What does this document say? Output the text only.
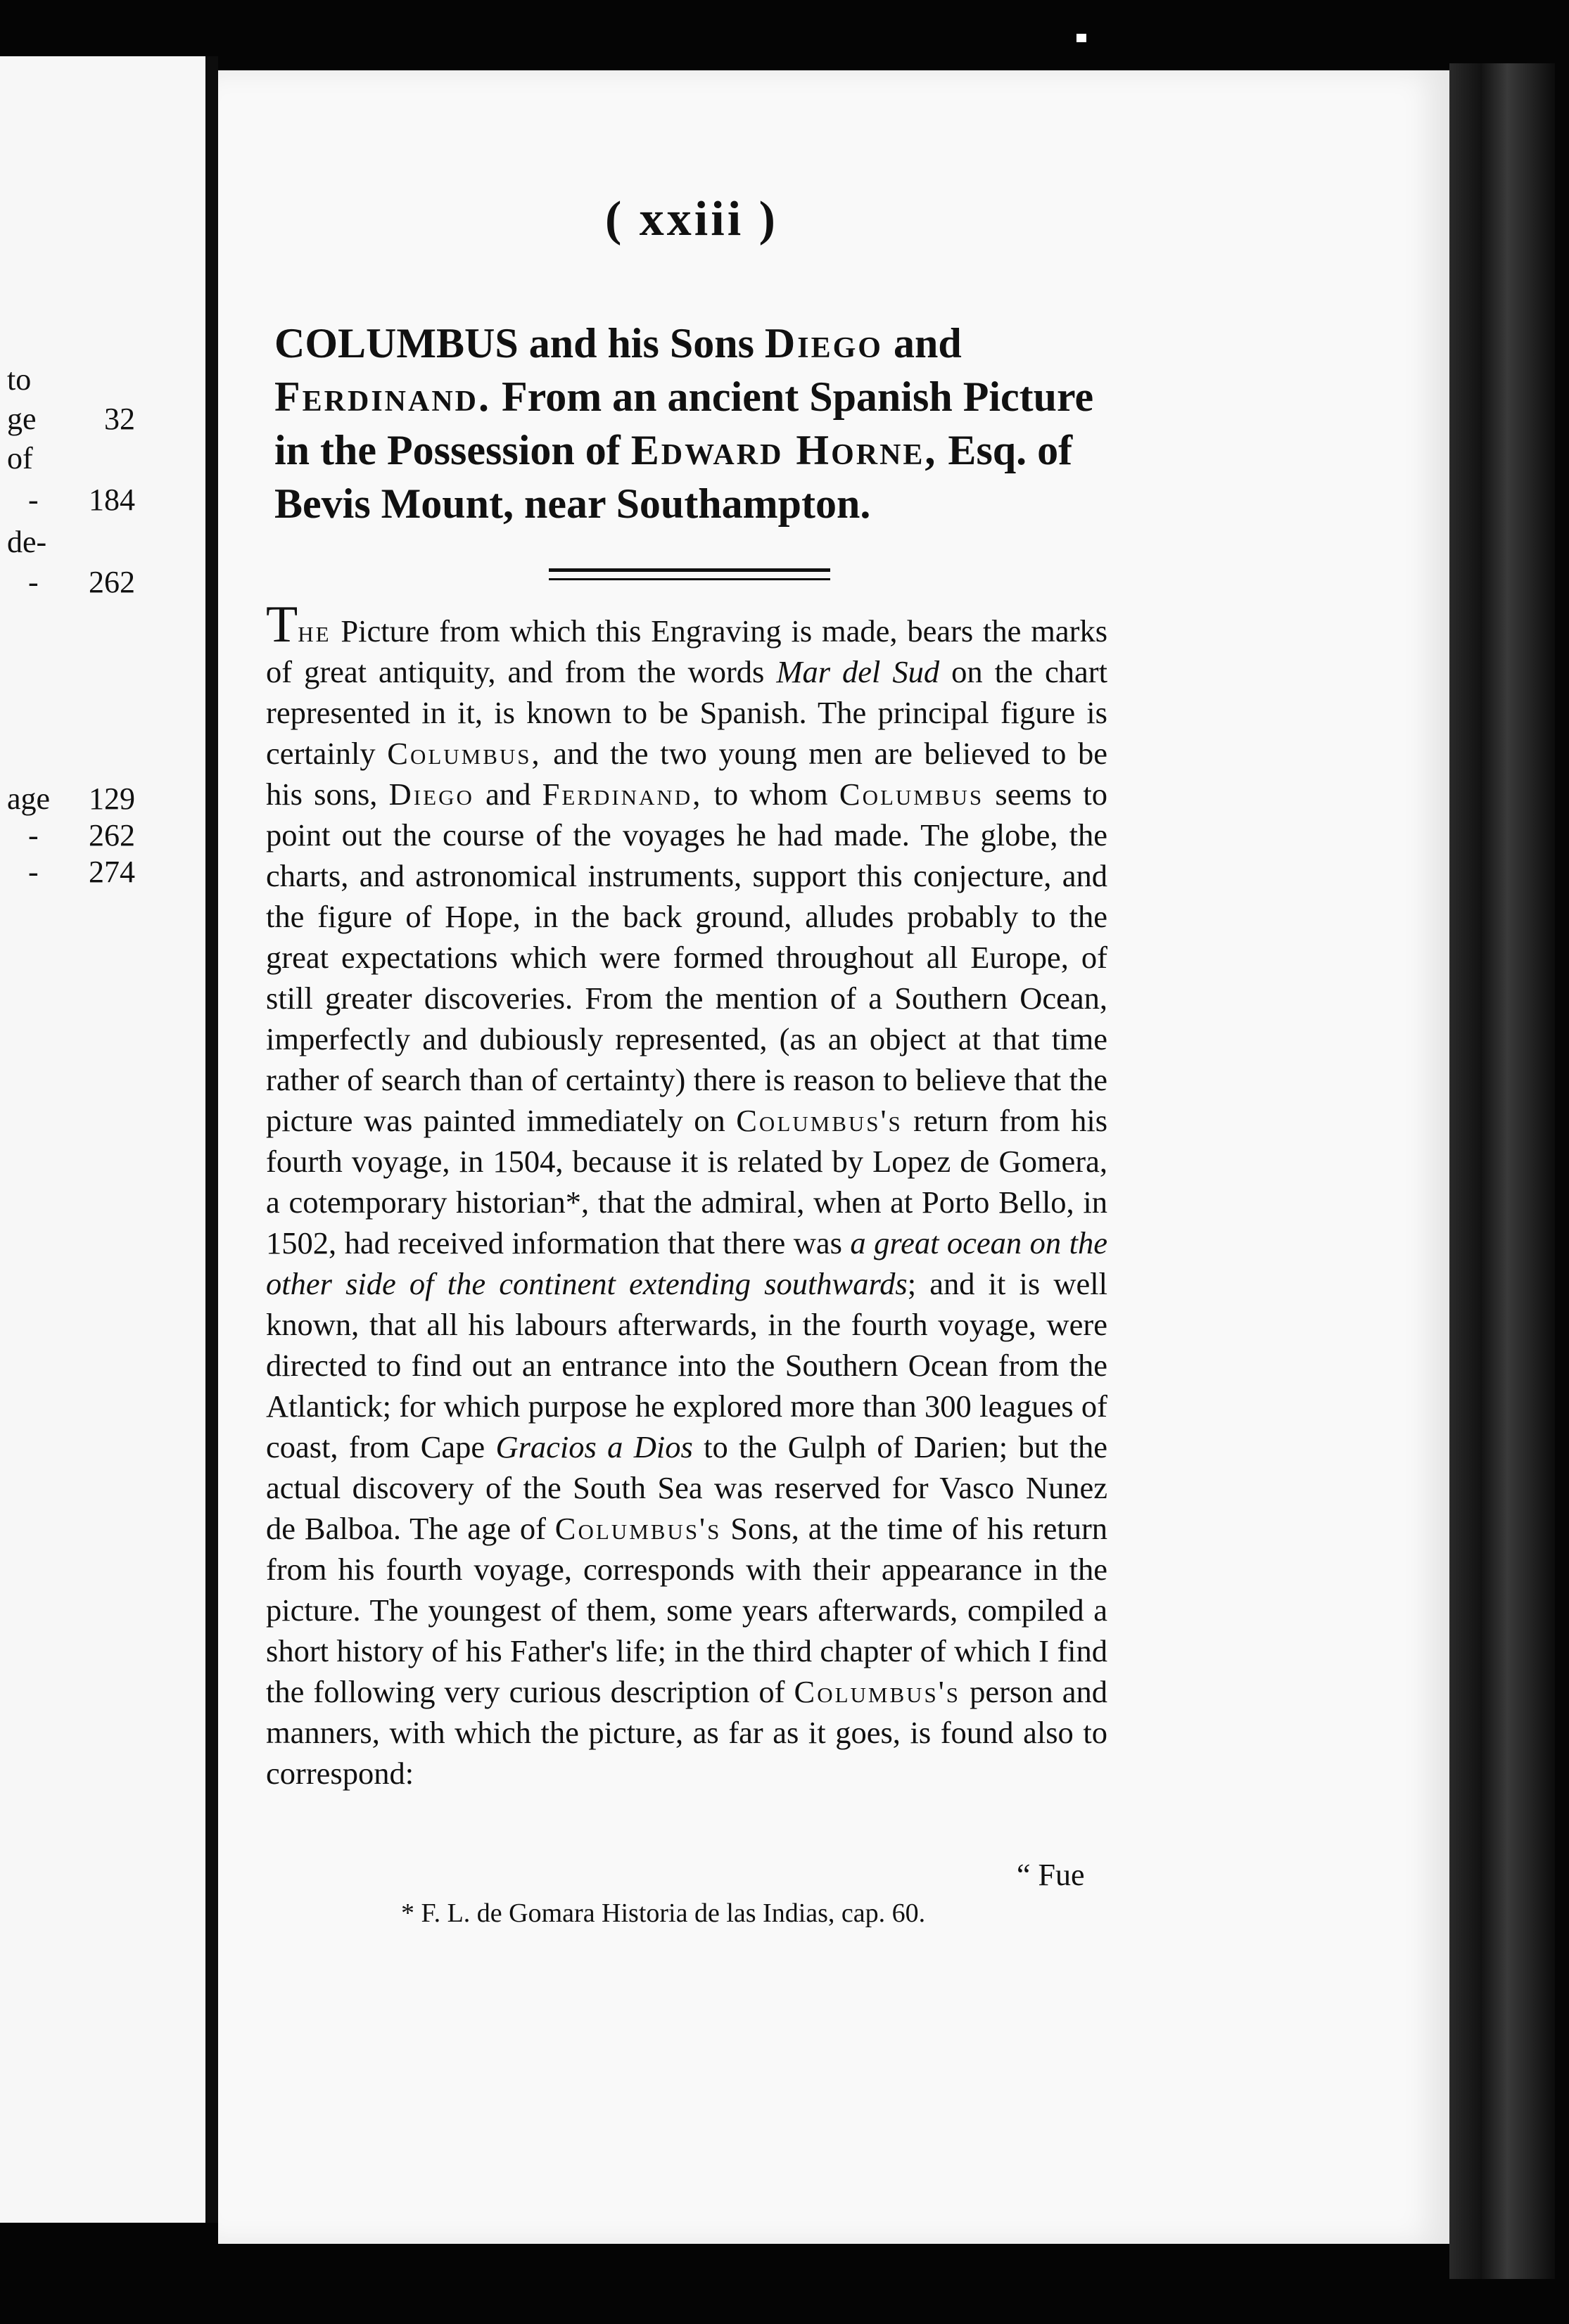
to
ge 32
of
- 184
de-
- 262
age 129
- 262
- 274
( xxiii )
COLUMBUS and his Sons Diego and Ferdinand. From an ancient Spanish Picture in the Possession of Edward Horne, Esq. of Bevis Mount, near Southampton.

The Picture from which this Engraving is made, bears the marks of great antiquity, and from the words Mar del Sud on the chart represented in it, is known to be Spanish. The principal figure is certainly Columbus, and the two young men are believed to be his sons, Diego and Ferdinand, to whom Columbus seems to point out the course of the voyages he had made. The globe, the charts, and astronomical instruments, support this conjecture, and the figure of Hope, in the back ground, alludes probably to the great expectations which were formed throughout all Europe, of still greater discoveries. From the mention of a Southern Ocean, imperfectly and dubiously represented, (as an object at that time rather of search than of certainty) there is reason to believe that the picture was painted immediately on Columbus's return from his fourth voyage, in 1504, because it is related by Lopez de Gomera, a cotemporary historian*, that the admiral, when at Porto Bello, in 1502, had received information that there was a great ocean on the other side of the continent extending southwards; and it is well known, that all his labours afterwards, in the fourth voyage, were directed to find out an entrance into the Southern Ocean from the Atlantick; for which purpose he explored more than 300 leagues of coast, from Cape Gracios a Dios to the Gulph of Darien; but the actual discovery of the South Sea was reserved for Vasco Nunez de Balboa. The age of Columbus's Sons, at the time of his return from his fourth voyage, corresponds with their appearance in the picture. The youngest of them, some years afterwards, compiled a short history of his Father's life; in the third chapter of which I find the following very curious description of Columbus's person and manners, with which the picture, as far as it goes, is found also to correspond:

“ Fue
* F. L. de Gomara Historia de las Indias, cap. 60.
